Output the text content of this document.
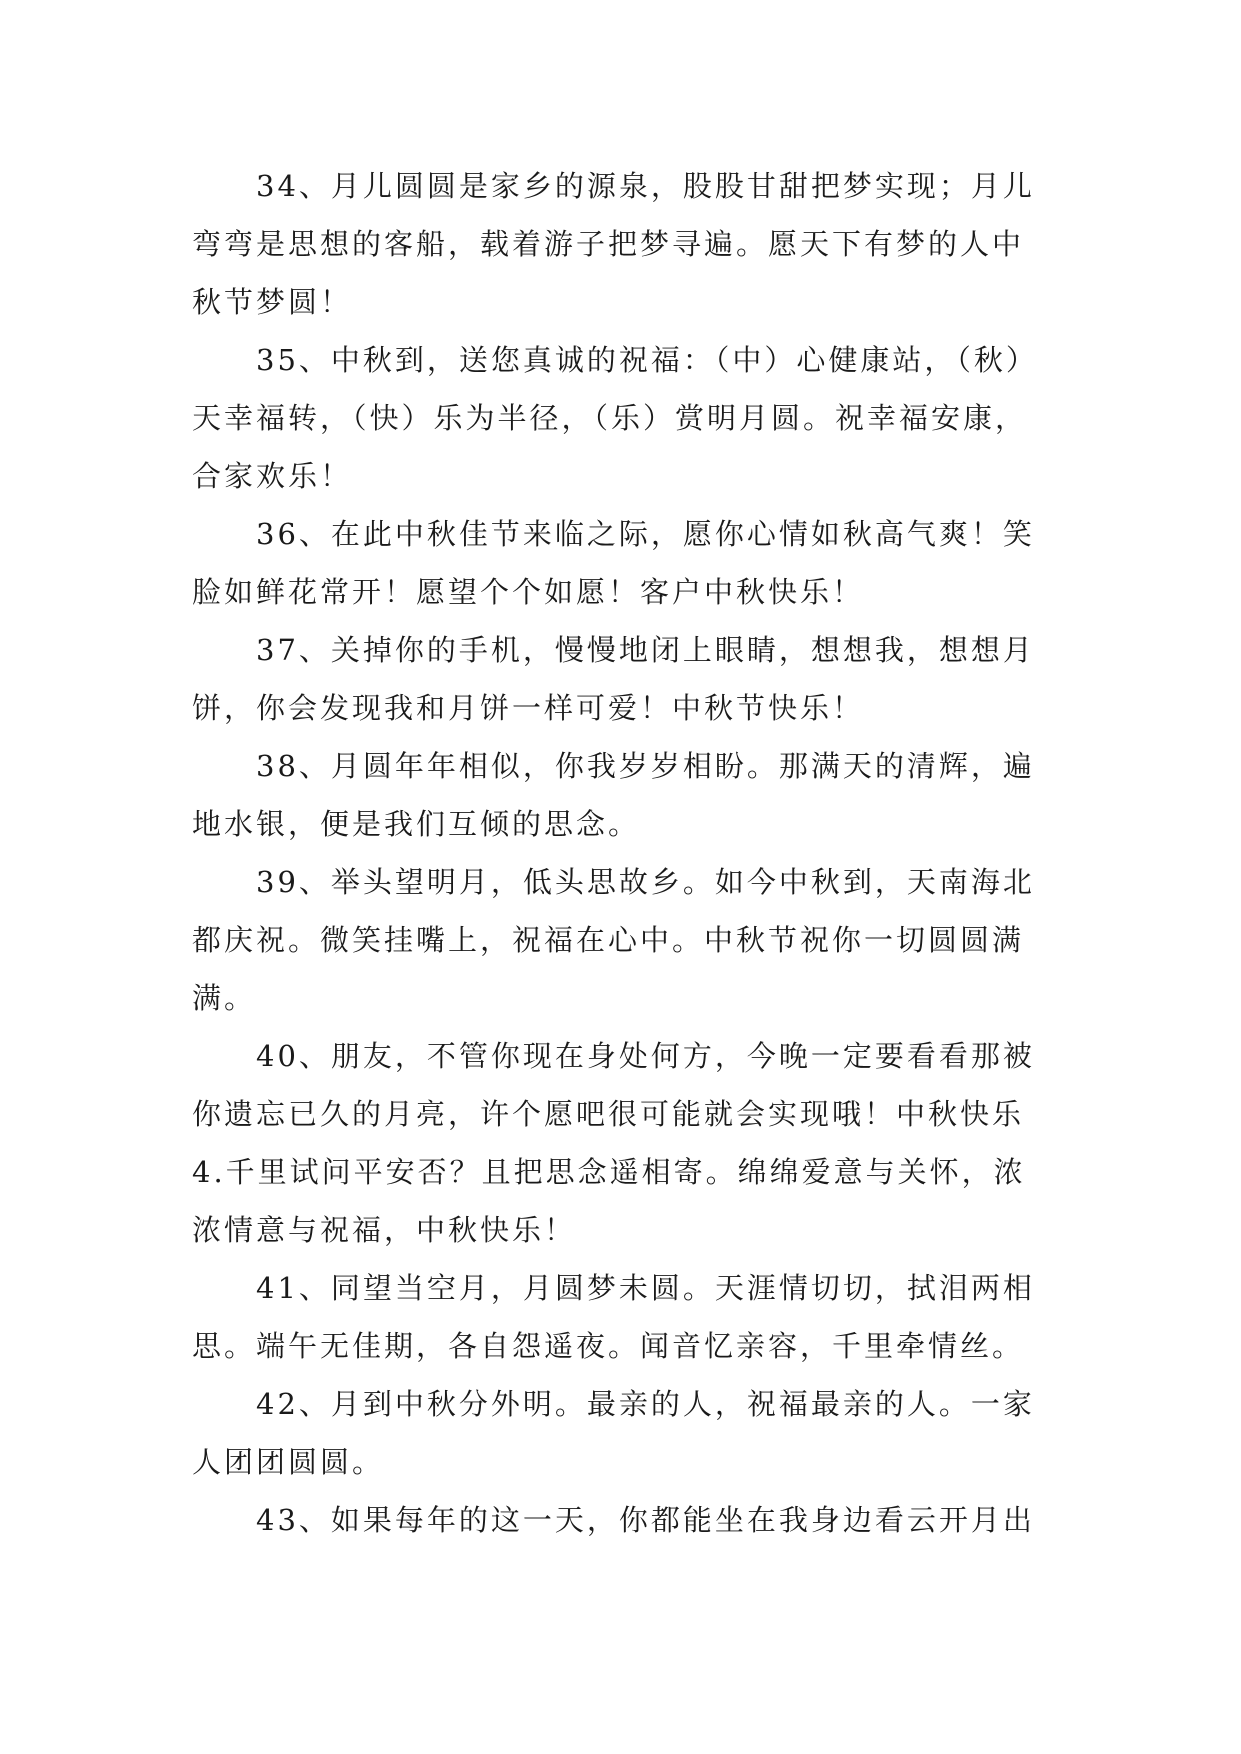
34、月儿圆圆是家乡的源泉，股股甘甜把梦实现；月儿
弯弯是思想的客船，载着游子把梦寻遍。愿天下有梦的人中
秋节梦圆！
35、中秋到，送您真诚的祝福：（中）心健康站，（秋）
天幸福转，（快）乐为半径，（乐）赏明月圆。祝幸福安康，
合家欢乐！
36、在此中秋佳节来临之际，愿你心情如秋高气爽！笑
脸如鲜花常开！愿望个个如愿！客户中秋快乐！
37、关掉你的手机，慢慢地闭上眼睛，想想我，想想月
饼，你会发现我和月饼一样可爱！中秋节快乐！
38、月圆年年相似，你我岁岁相盼。那满天的清辉，遍
地水银，便是我们互倾的思念。
39、举头望明月，低头思故乡。如今中秋到，天南海北
都庆祝。微笑挂嘴上，祝福在心中。中秋节祝你一切圆圆满
满。
40、朋友，不管你现在身处何方，今晚一定要看看那被
你遗忘已久的月亮，许个愿吧很可能就会实现哦！中秋快乐
4.千里试问平安否？且把思念遥相寄。绵绵爱意与关怀，浓
浓情意与祝福，中秋快乐！
41、同望当空月，月圆梦未圆。天涯情切切，拭泪两相
思。端午无佳期，各自怨遥夜。闻音忆亲容，千里牵情丝。
42、月到中秋分外明。最亲的人，祝福最亲的人。一家
人团团圆圆。
43、如果每年的这一天，你都能坐在我身边看云开月出
